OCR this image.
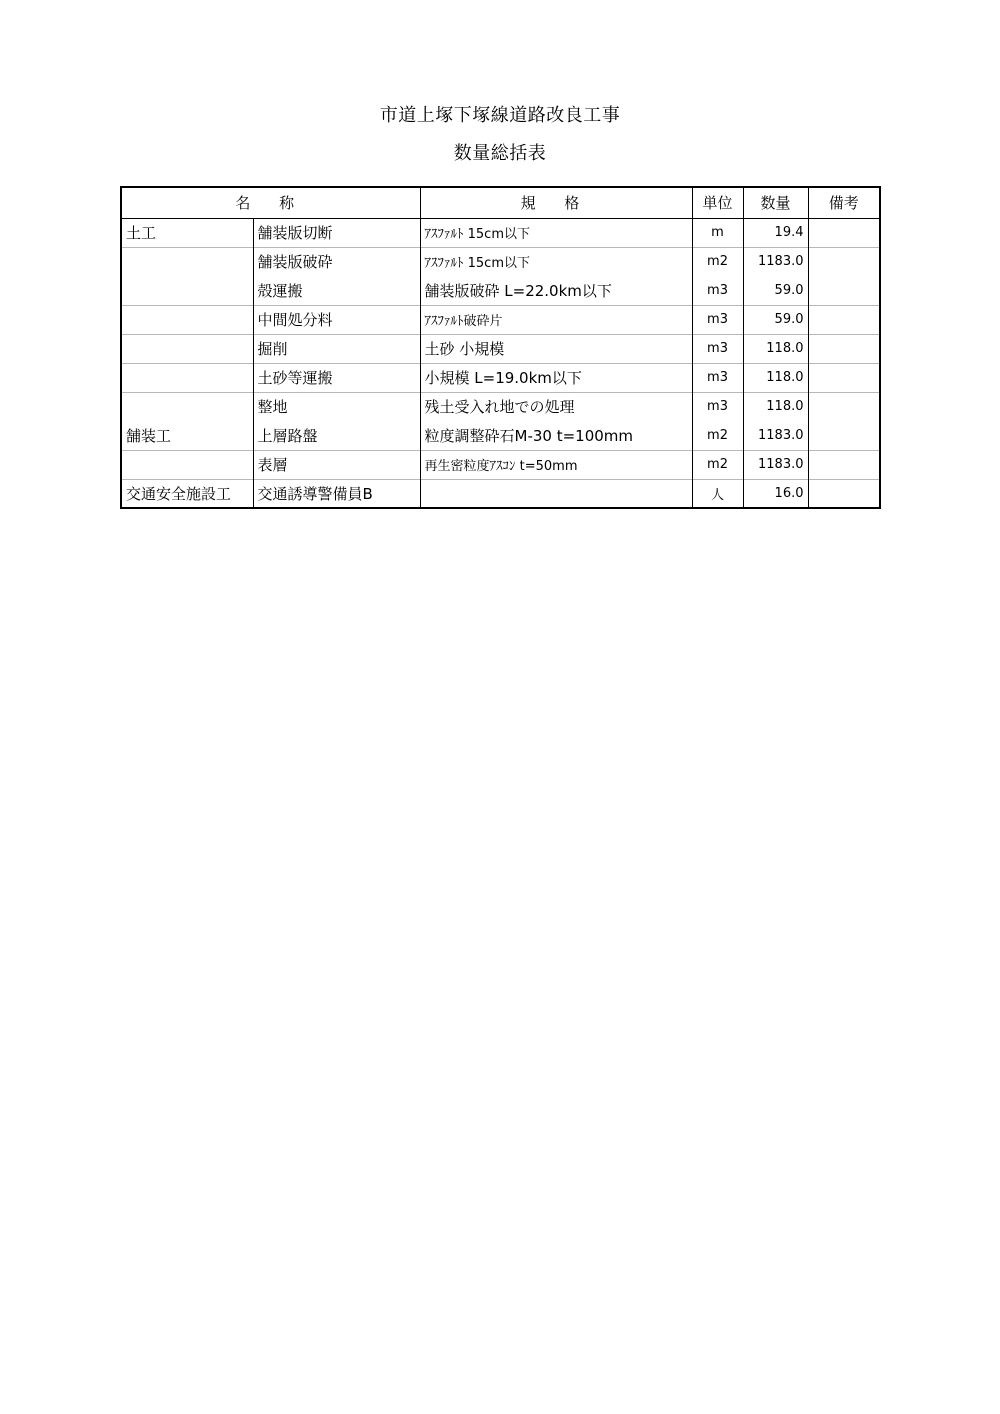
市道上塚下塚線道路改良工事
数量総括表
名 称		規 格	単位	数量	備考
土工	舗装版切断	ｱｽﾌｧﾙﾄ 15cm以下	m	19.4	
	舗装版破砕	ｱｽﾌｧﾙﾄ 15cm以下	m2	1183.0	
	殻運搬	舗装版破砕 L=22.0km以下	m3	59.0	
	中間処分料	ｱｽﾌｧﾙﾄ破砕片	m3	59.0	
	掘削	土砂 小規模	m3	118.0	
	土砂等運搬	小規模 L=19.0km以下	m3	118.0	
	整地	残土受入れ地での処理	m3	118.0	
舗装工	上層路盤	粒度調整砕石M-30 t=100mm	m2	1183.0	
	表層	再生密粒度ｱｽｺﾝ t=50mm	m2	1183.0	
交通安全施設工	交通誘導警備員B		人	16.0	
